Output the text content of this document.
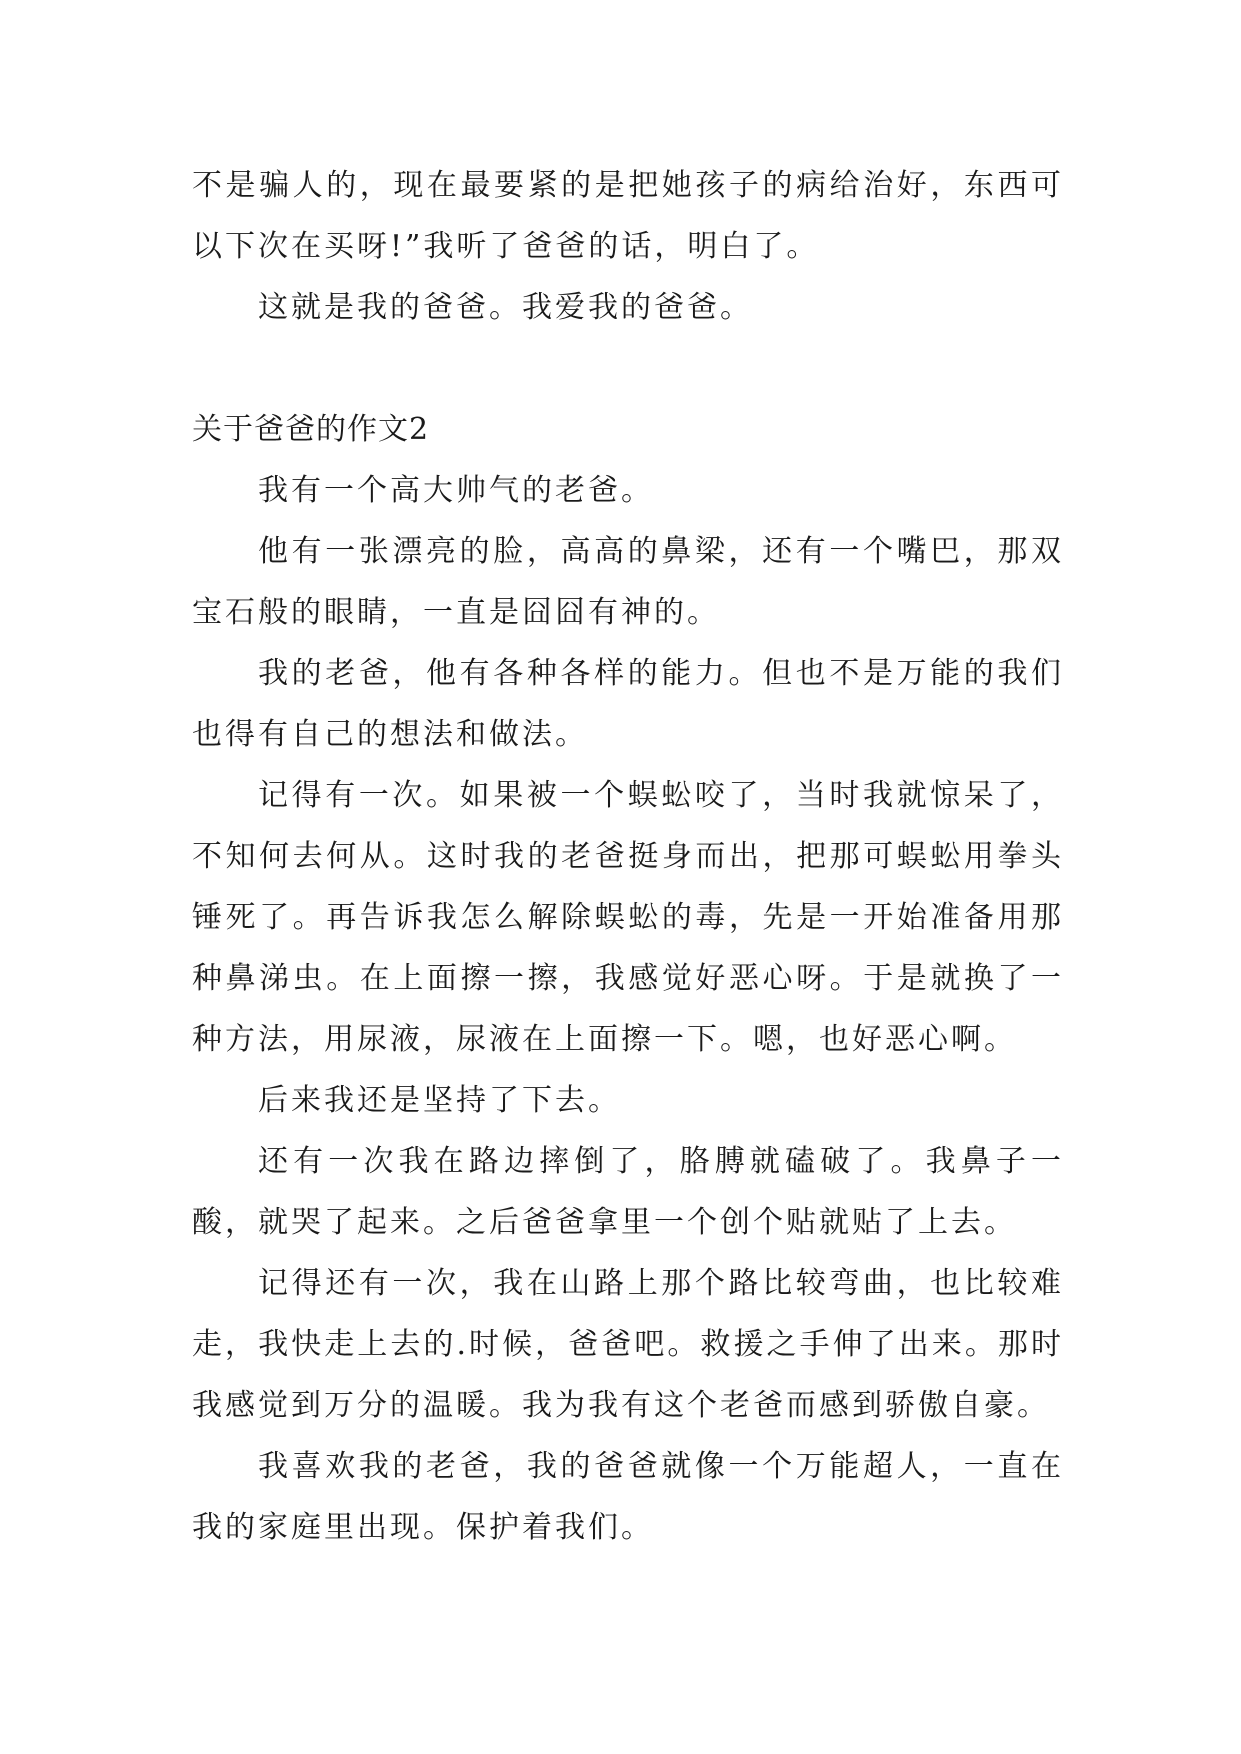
不是骗人的，现在最要紧的是把她孩子的病给治好，东西可以下次在买呀!”我听了爸爸的话，明白了。

这就是我的爸爸。我爱我的爸爸。

关于爸爸的作文2

我有一个高大帅气的老爸。

他有一张漂亮的脸，高高的鼻梁，还有一个嘴巴，那双宝石般的眼睛，一直是囧囧有神的。

我的老爸，他有各种各样的能力。但也不是万能的我们也得有自己的想法和做法。

记得有一次。如果被一个蜈蚣咬了，当时我就惊呆了，不知何去何从。这时我的老爸挺身而出，把那可蜈蚣用拳头锤死了。再告诉我怎么解除蜈蚣的毒，先是一开始准备用那种鼻涕虫。在上面擦一擦，我感觉好恶心呀。于是就换了一种方法，用尿液，尿液在上面擦一下。嗯，也好恶心啊。

后来我还是坚持了下去。

还有一次我在路边摔倒了，胳膊就磕破了。我鼻子一酸，就哭了起来。之后爸爸拿里一个创个贴就贴了上去。

记得还有一次，我在山路上那个路比较弯曲，也比较难走，我快走上去的.时候，爸爸吧。救援之手伸了出来。那时我感觉到万分的温暖。我为我有这个老爸而感到骄傲自豪。

我喜欢我的老爸，我的爸爸就像一个万能超人，一直在我的家庭里出现。保护着我们。
